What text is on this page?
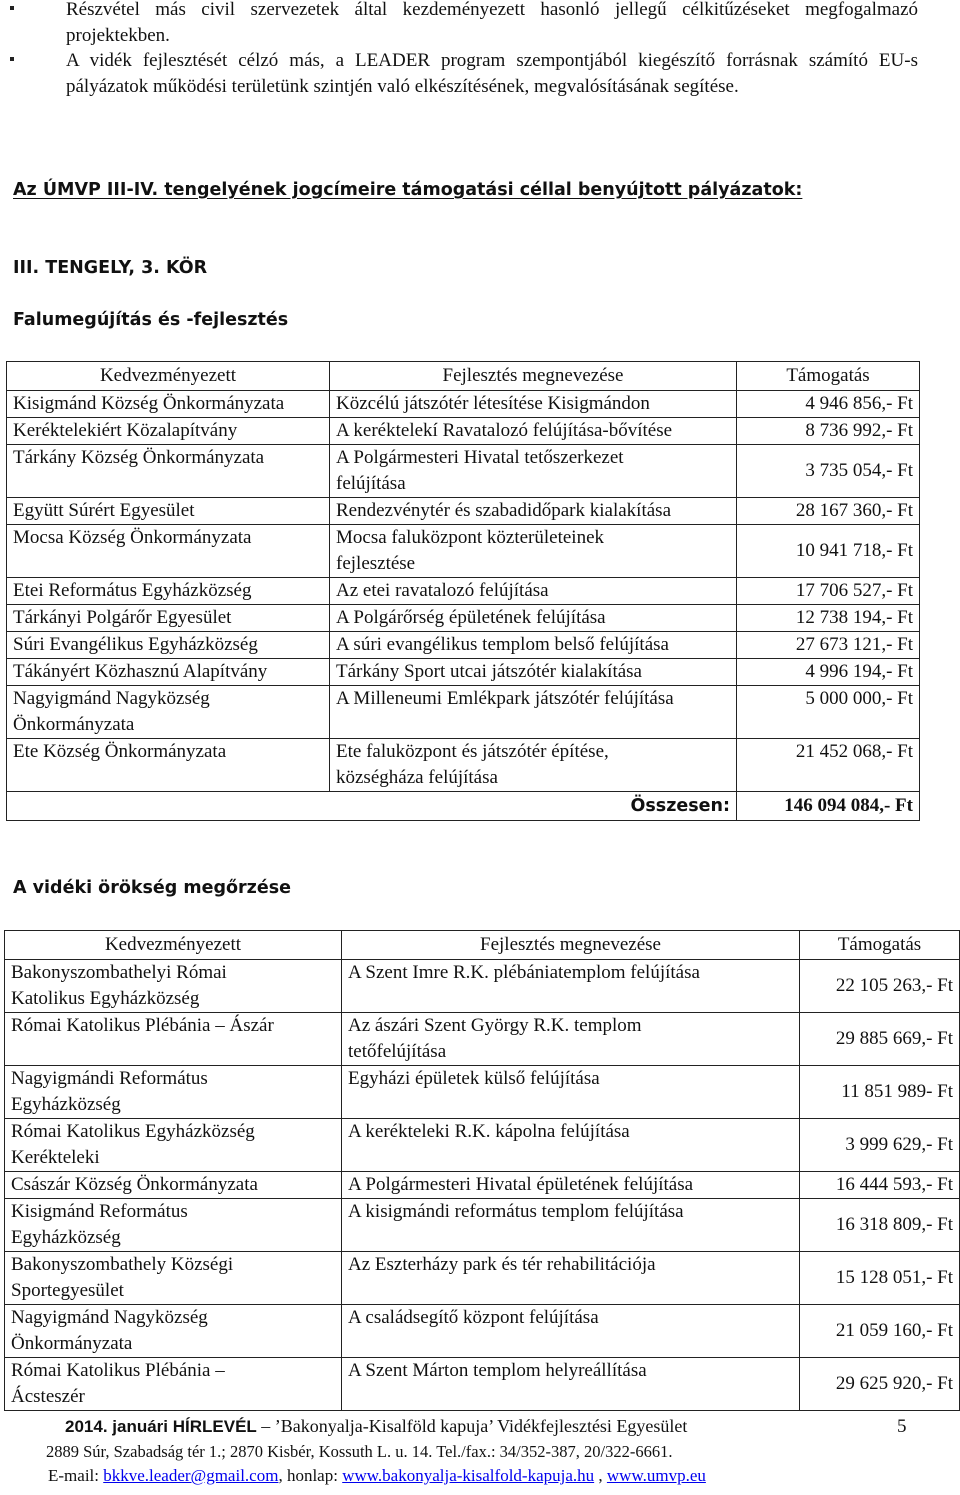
Részvétel más civil szervezetek által kezdeményezett hasonló jellegű célkitűzéseket megfogalmazó projektekben.
A vidék fejlesztését célzó más, a LEADER program szempontjából kiegészítő forrásnak számító EU-s pályázatok működési területünk szintjén való elkészítésének, megvalósításának segítése.
Az ÚMVP III-IV. tengelyének jogcímeire támogatási céllal benyújtott pályázatok:
III. TENGELY, 3. KÖR
Falumegújítás és -fejlesztés
Kedvezményezett	Fejlesztés megnevezése	Támogatás
Kisigmánd Község Önkormányzata	Közcélú játszótér létesítése Kisigmándon	4 946 856,- Ft
Keréktelekiért Közalapítvány	A keréktelekí Ravatalozó felújítása-bővítése	8 736 992,- Ft
Tárkány Község Önkormányzata	A Polgármesteri Hivatal tetőszerkezet felújítása	3 735 054,- Ft
Együtt Súrért Egyesület	Rendezvénytér és szabadidőpark kialakítása	28 167 360,- Ft
Mocsa Község Önkormányzata	Mocsa faluközpont közterületeinek fejlesztése	10 941 718,- Ft
Etei Református Egyházközség	Az etei ravatalozó felújítása	17 706 527,- Ft
Tárkányi Polgárőr Egyesület	A Polgárőrség épületének felújítása	12 738 194,- Ft
Súri Evangélikus Egyházközség	A súri evangélikus templom belső felújítása	27 673 121,- Ft
Tákányért Közhasznú Alapítvány	Tárkány Sport utcai játszótér kialakítása	4 996 194,- Ft

Nagyigmánd Nagyközség Önkormányzata	A Milleneumi Emlékpark játszótér felújítása	5 000 000,- Ft
Ete Község Önkormányzata	Ete faluközpont és játszótér építése, községháza felújítása	21 452 068,- Ft
Összesen:		146 094 084,- Ft
A vidéki örökség megőrzése
Kedvezményezett	Fejlesztés megnevezése	Támogatás

Bakonyszombathelyi Római Katolikus Egyházközség	A Szent Imre R.K. plébániatemplom felújítása	22 105 263,- Ft
Római Katolikus Plébánia – Ászár	Az ászári Szent György R.K. templom tetőfelújítása	29 885 669,- Ft

Nagyigmándi Református Egyházközség	Egyházi épületek külső felújítása	11 851 989- Ft

Római Katolikus Egyházközség Kerékteleki	A kerékteleki R.K. kápolna felújítása	3 999 629,- Ft
Császár Község Önkormányzata	A Polgármesteri Hivatal épületének felújítása	16 444 593,- Ft

Kisigmánd Református Egyházközség	A kisigmándi református templom felújítása	16 318 809,- Ft

Bakonyszombathely Községi Sportegyesület	Az Eszterházy park és tér rehabilitációja	15 128 051,- Ft

Nagyigmánd Nagyközség Önkormányzata	A családsegítő központ felújítása	21 059 160,- Ft

Római Katolikus Plébánia – Ácsteszér	A Szent Márton templom helyreállítása	29 625 920,- Ft
2014. januári HÍRLEVÉL – ’Bakonyalja-Kisalföld kapuja’ Vidékfejlesztési Egyesület	5
2889 Súr, Szabadság tér 1.; 2870 Kisbér, Kossuth L. u. 14. Tel./fax.: 34/352-387, 20/322-6661.
E-mail: bkkve.leader@gmail.com, honlap: www.bakonyalja-kisalfold-kapuja.hu , www.umvp.eu
